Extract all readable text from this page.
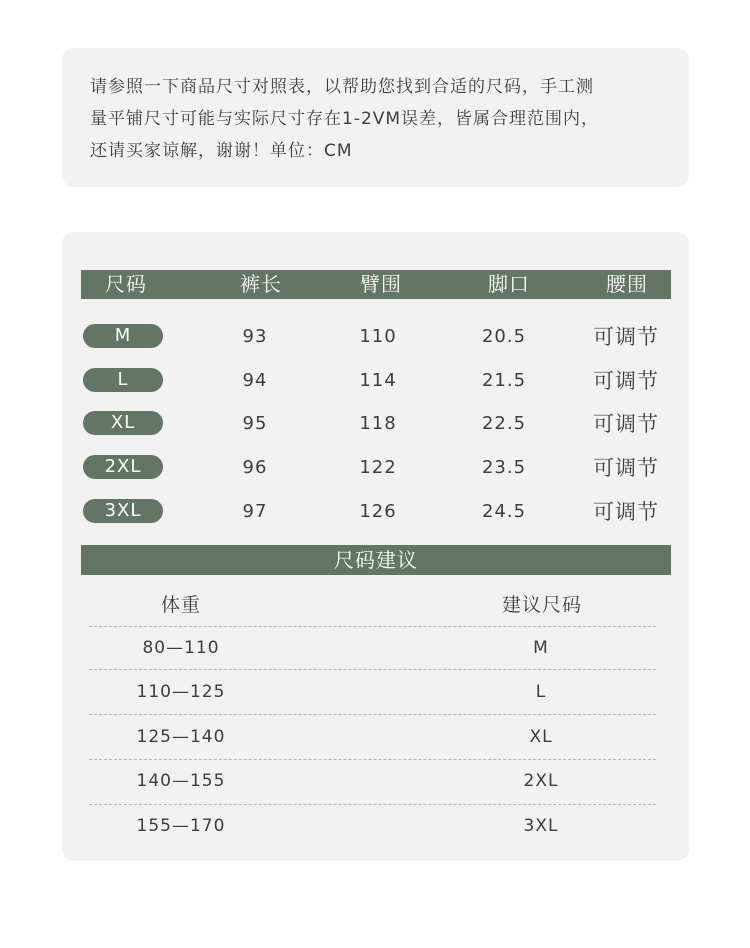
请参照一下商品尺寸对照表，以帮助您找到合适的尺码，手工测
量平铺尺寸可能与实际尺寸存在1-2VM误差，皆属合理范围内，
还请买家谅解，谢谢！单位：CM
尺码	裤长	臂围	脚口	腰围
M	93	110	20.5	可调节
L	94	114	21.5	可调节
XL	95	118	22.5	可调节
2XL	96	122	23.5	可调节
3XL	97	126	24.5	可调节
尺码建议
体重	建议尺码
80—110	M
110—125	L
125—140	XL
140—155	2XL
155—170	3XL
